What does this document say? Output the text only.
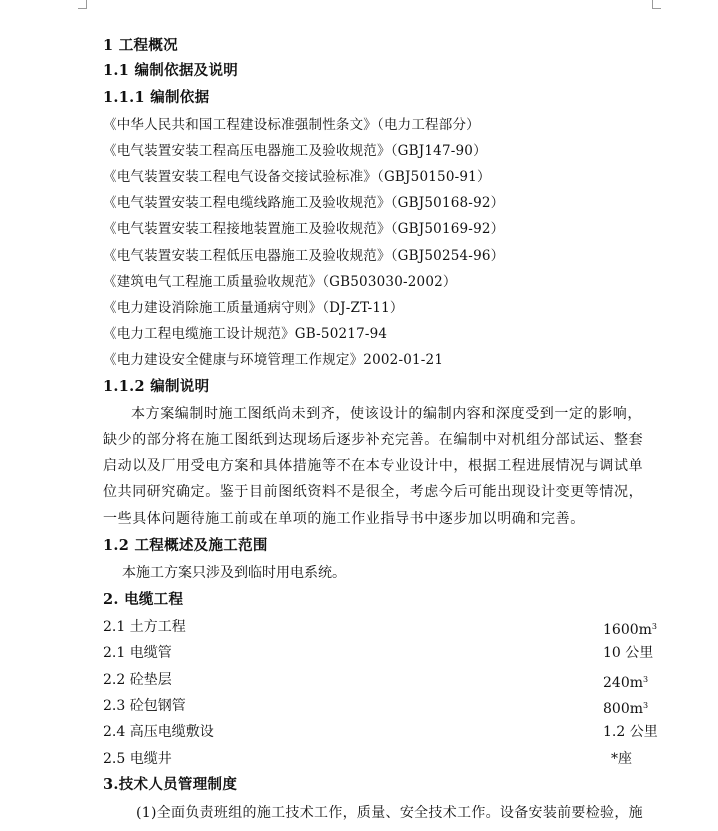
1 工程概况
1.1 编制依据及说明
1.1.1 编制依据
《中华人民共和国工程建设标准强制性条文》（电力工程部分）
《电气装置安装工程高压电器施工及验收规范》（GBJ147-90）
《电气装置安装工程电气设备交接试验标准》（GBJ50150-91）
《电气装置安装工程电缆线路施工及验收规范》（GBJ50168-92）
《电气装置安装工程接地装置施工及验收规范》（GBJ50169-92）
《电气装置安装工程低压电器施工及验收规范》（GBJ50254-96）
《建筑电气工程施工质量验收规范》（GB503030-2002）
《电力建设消除施工质量通病守则》（DJ-ZT-11）
《电力工程电缆施工设计规范》GB-50217-94
《电力建设安全健康与环境管理工作规定》2002-01-21
1.1.2 编制说明
本方案编制时施工图纸尚未到齐，使该设计的编制内容和深度受到一定的影响，
缺少的部分将在施工图纸到达现场后逐步补充完善。在编制中对机组分部试运、整套
启动以及厂用受电方案和具体措施等不在本专业设计中，根据工程进展情况与调试单
位共同研究确定。鉴于目前图纸资料不是很全，考虑今后可能出现设计变更等情况，
一些具体问题待施工前或在单项的施工作业指导书中逐步加以明确和完善。
1.2 工程概述及施工范围
本施工方案只涉及到临时用电系统。
2. 电缆工程
2.1 土方工程	$1600m^3$
2.1 电缆管	10 公里
2.2 砼垫层	$240m^3$
2.3 砼包钢管	$800m^3$
2.4 高压电缆敷设	1.2 公里
2.5 电缆井	*座
3.技术人员管理制度
(1)全面负责班组的施工技术工作，质量、安全技术工作。设备安装前要检验，施
